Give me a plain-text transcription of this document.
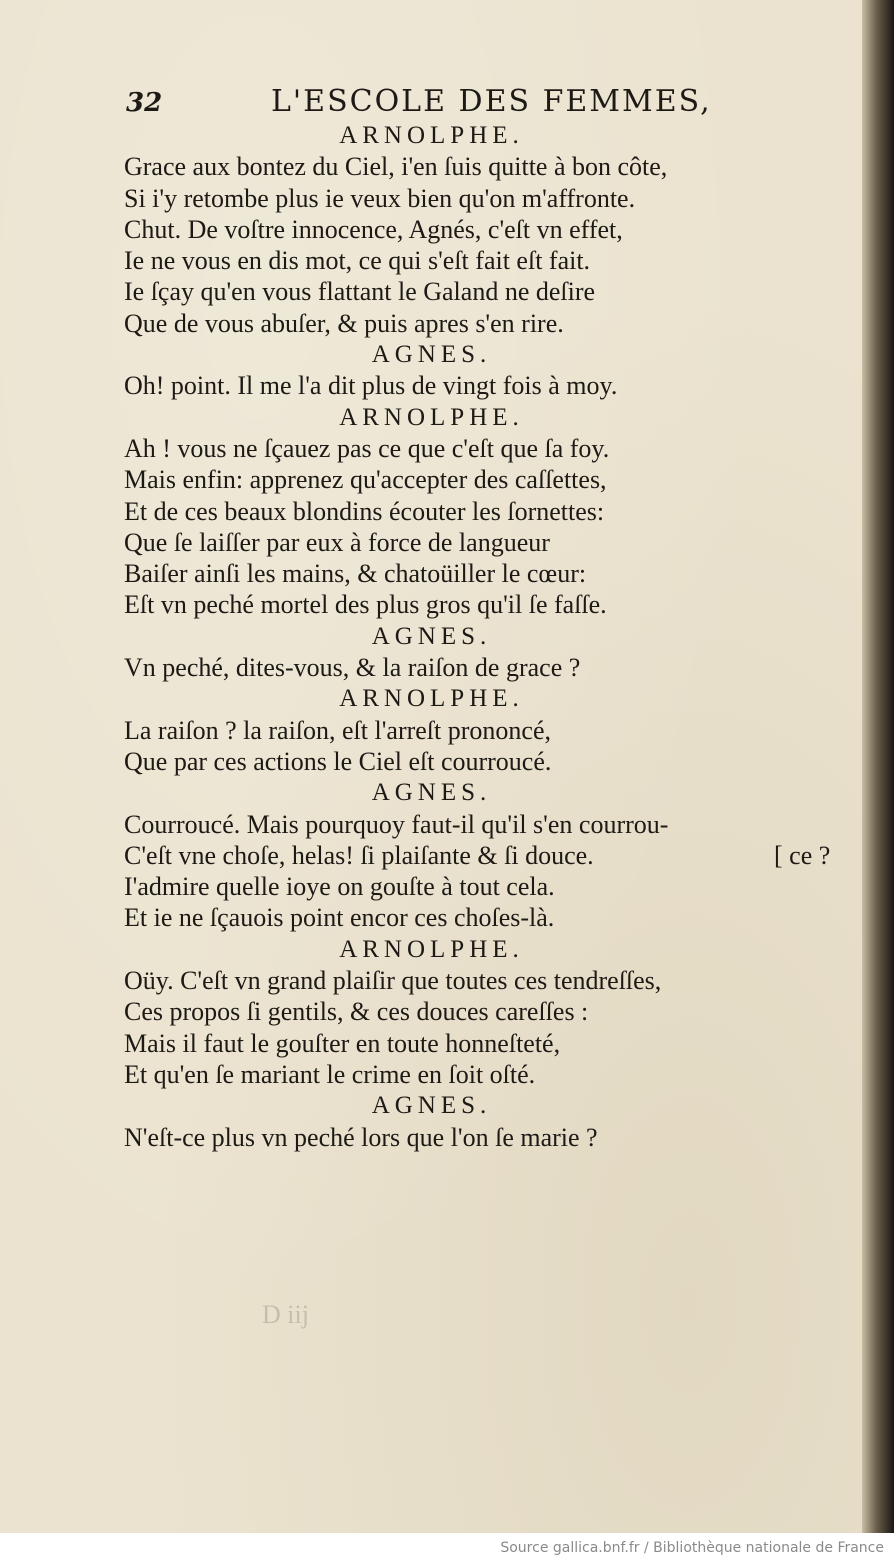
32	L'ESCOLE DES FEMMES,
ARNOLPHE.
Grace aux bontez du Ciel, i'en ſuis quitte à bon côte,
Si i'y retombe plus ie veux bien qu'on m'affronte.
Chut. De voſtre innocence, Agnés, c'eſt vn effet,
Ie ne vous en dis mot, ce qui s'eſt fait eſt fait.
Ie ſçay qu'en vous flattant le Galand ne deſire
Que de vous abuſer, & puis apres s'en rire.
AGNES.
Oh! point. Il me l'a dit plus de vingt fois à moy.
ARNOLPHE.
Ah ! vous ne ſçauez pas ce que c'eſt que ſa foy.
Mais enfin: apprenez qu'accepter des caſſettes,
Et de ces beaux blondins écouter les ſornettes:
Que ſe laiſſer par eux à force de langueur
Baiſer ainſi les mains, & chatoüiller le cœur:
Eſt vn peché mortel des plus gros qu'il ſe faſſe.
AGNES.
Vn peché, dites-vous, & la raiſon de grace ?
ARNOLPHE.
La raiſon ? la raiſon, eſt l'arreſt prononcé,
Que par ces actions le Ciel eſt courroucé.
AGNES.
Courroucé. Mais pourquoy faut-il qu'il s'en courrou-
C'eſt vne choſe, helas! ſi plaiſante & ſi douce.	[ ce ?
I'admire quelle ioye on gouſte à tout cela.
Et ie ne ſçauois point encor ces choſes-là.
ARNOLPHE.
Oüy. C'eſt vn grand plaiſir que toutes ces tendreſſes,
Ces propos ſi gentils, & ces douces careſſes :
Mais il faut le gouſter en toute honneſteté,
Et qu'en ſe mariant le crime en ſoit oſté.
AGNES.
N'eſt-ce plus vn peché lors que l'on ſe marie ?
D iij
Source gallica.bnf.fr / Bibliothèque nationale de France
